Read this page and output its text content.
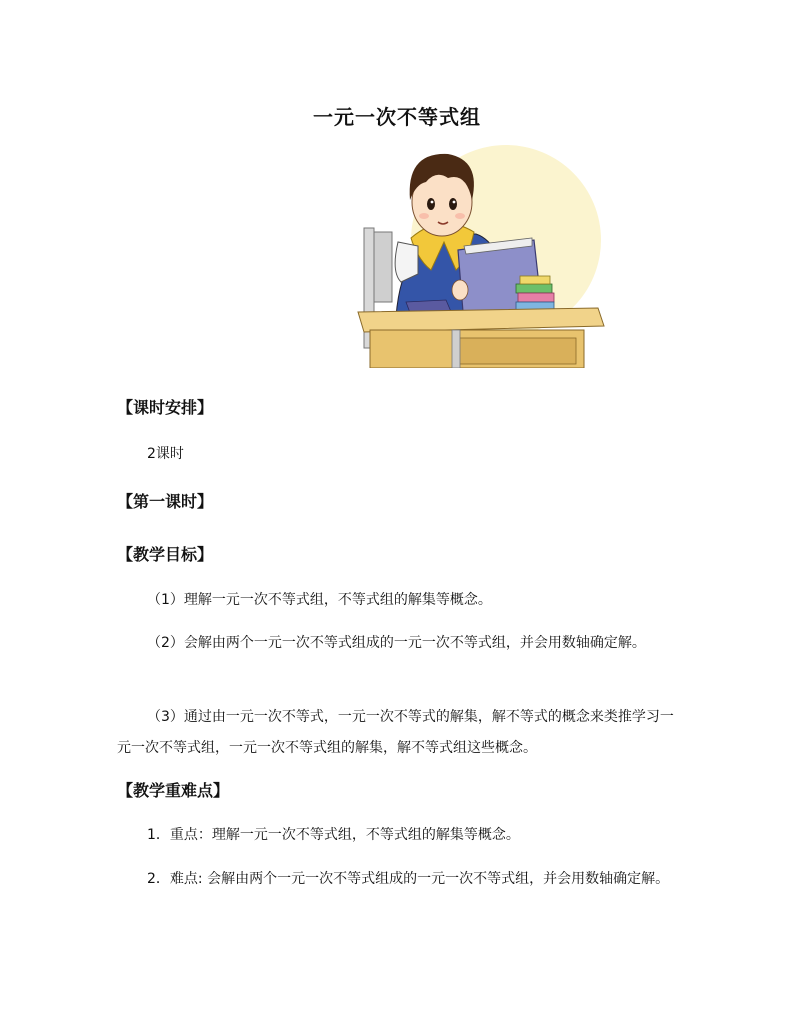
一元一次不等式组
【课时安排】
2课时
【第一课时】
【教学目标】
（1）理解一元一次不等式组，不等式组的解集等概念。
（2）会解由两个一元一次不等式组成的一元一次不等式组，并会用数轴确定解。
（3）通过由一元一次不等式，一元一次不等式的解集，解不等式的概念来类推学习一元一次不等式组，一元一次不等式组的解集，解不等式组这些概念。
【教学重难点】
1．重点：理解一元一次不等式组，不等式组的解集等概念。
2．难点: 会解由两个一元一次不等式组成的一元一次不等式组，并会用数轴确定解。
